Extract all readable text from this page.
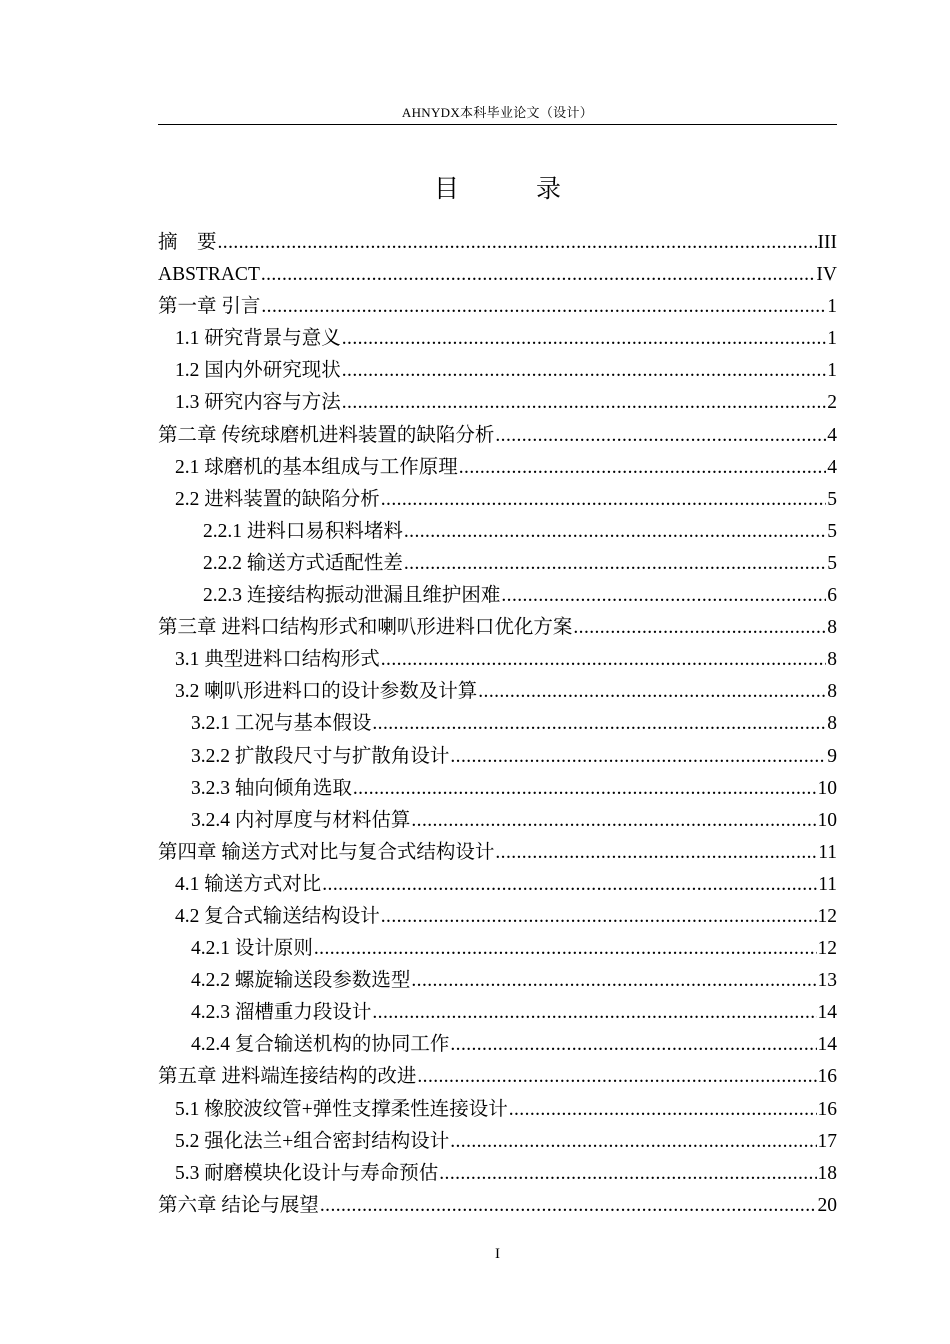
AHNYDX本科毕业论文（设计）
目　录
摘　要 .....	III
ABSTRACT .....	IV
第一章 引言 .....	1
1.1 研究背景与意义 .....	1
1.2 国内外研究现状 .....	1
1.3 研究内容与方法 .....	2
第二章 传统球磨机进料装置的缺陷分析 .....	4
2.1 球磨机的基本组成与工作原理 .....	4
2.2 进料装置的缺陷分析 .....	5
2.2.1 进料口易积料堵料 .....	5
2.2.2 输送方式适配性差 .....	5
2.2.3 连接结构振动泄漏且维护困难 .....	6
第三章 进料口结构形式和喇叭形进料口优化方案 .....	8
3.1 典型进料口结构形式 .....	8
3.2 喇叭形进料口的设计参数及计算 .....	8
3.2.1 工况与基本假设 .....	8
3.2.2 扩散段尺寸与扩散角设计 .....	9
3.2.3 轴向倾角选取 .....	10
3.2.4 内衬厚度与材料估算 .....	10
第四章 输送方式对比与复合式结构设计 .....	11
4.1 输送方式对比 .....	11
4.2 复合式输送结构设计 .....	12
4.2.1 设计原则 .....	12
4.2.2 螺旋输送段参数选型 .....	13
4.2.3 溜槽重力段设计 .....	14
4.2.4 复合输送机构的协同工作 .....	14
第五章 进料端连接结构的改进 .....	16
5.1 橡胶波纹管+弹性支撑柔性连接设计 .....	16
5.2 强化法兰+组合密封结构设计 .....	17
5.3 耐磨模块化设计与寿命预估 .....	18
第六章 结论与展望 .....	20
I
